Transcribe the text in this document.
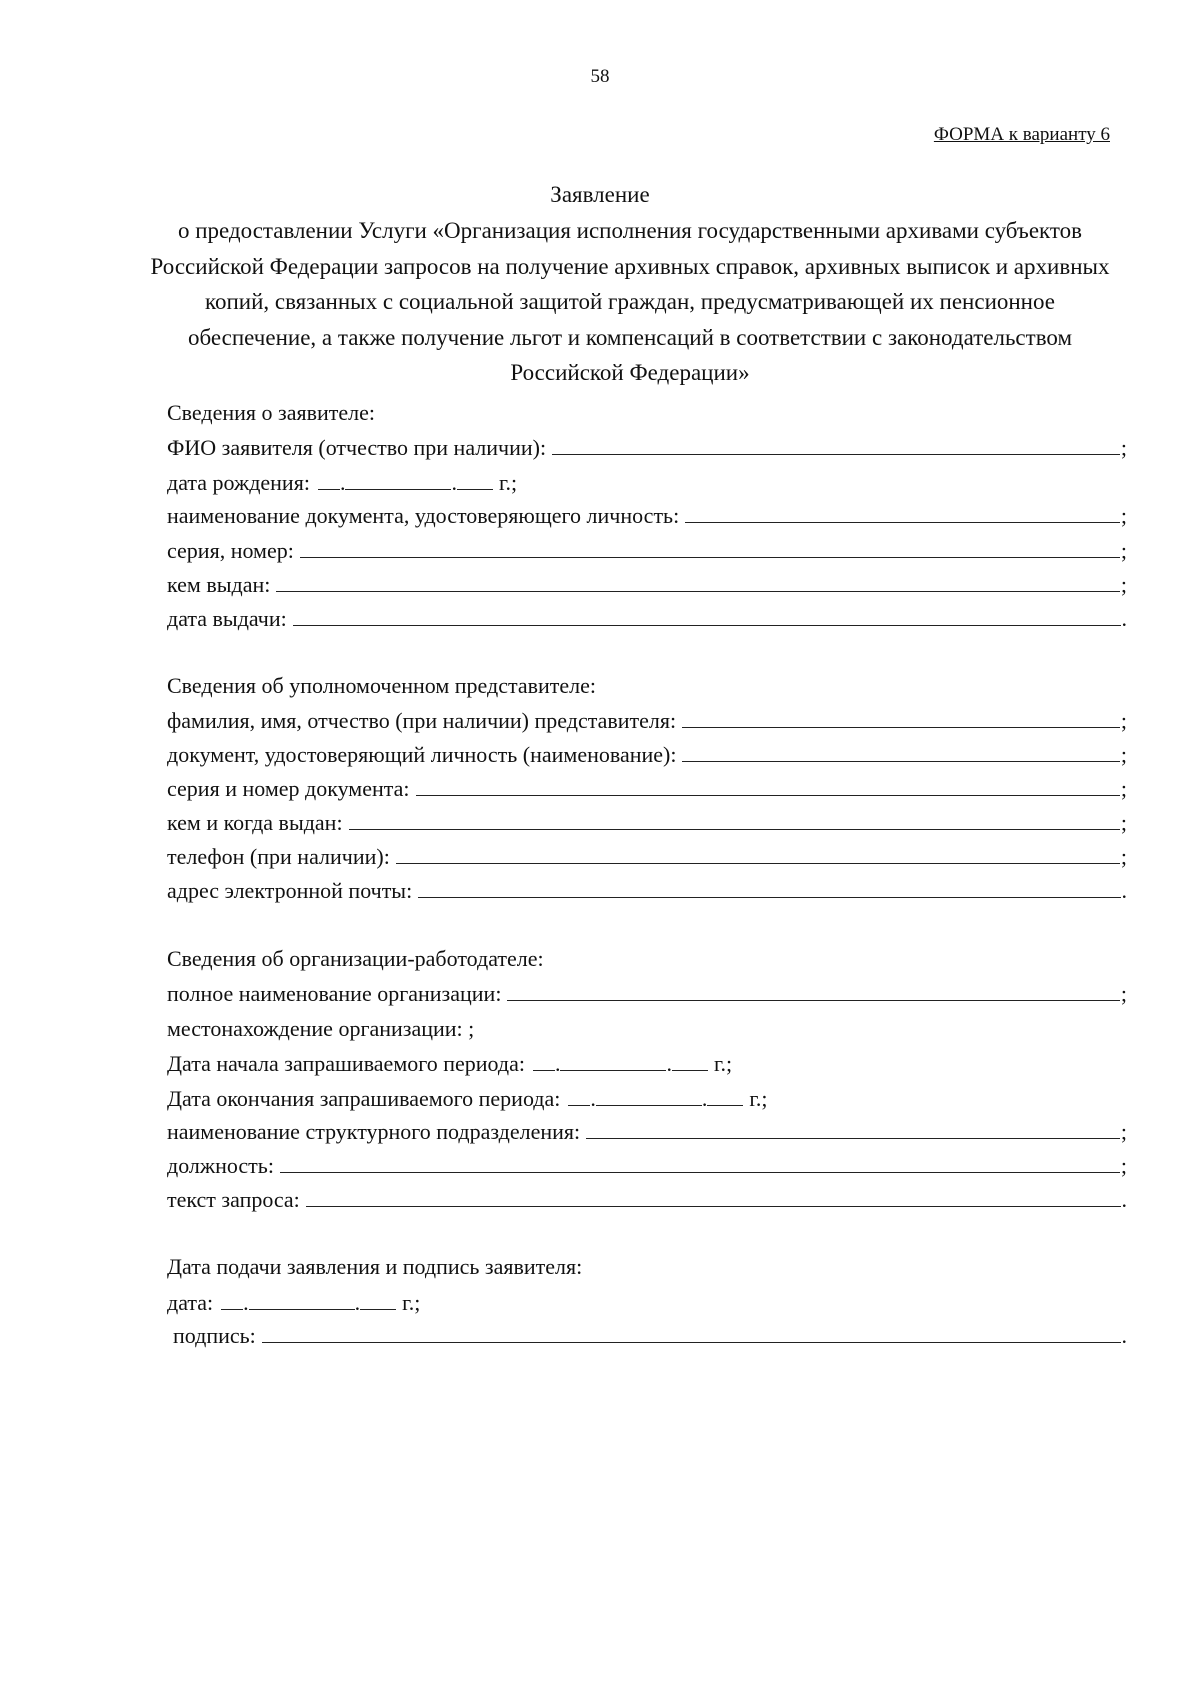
58
ФОРМА к варианту 6
Заявление
о предоставлении Услуги «Организация исполнения государственными архивами субъектов Российской Федерации запросов на получение архивных справок, архивных выписок и архивных копий, связанных с социальной защитой граждан, предусматривающей их пенсионное обеспечение, а также получение льгот и компенсаций в соответствии с законодательством Российской Федерации»
Сведения о заявителе:
ФИО заявителя (отчество при наличии):	;
дата рождения: .	. г.;
наименование документа, удостоверяющего личность:	;
серия, номер:	;
кем выдан:	;
дата выдачи:	.
Сведения об уполномоченном представителе:
фамилия, имя, отчество (при наличии) представителя:	;
документ, удостоверяющий личность (наименование):	;
серия и номер документа:	;
кем и когда выдан:	;
телефон (при наличии):	;
адрес электронной почты:	.
Сведения об организации-работодателе:
полное наименование организации:	;
местонахождение организации: ;
Дата начала запрашиваемого периода: .	. г.;
Дата окончания запрашиваемого периода: .	. г.;
наименование структурного подразделения:	;
должность:	;
текст запроса:	.
Дата подачи заявления и подпись заявителя:
дата: .	. г.;
подпись:	.
